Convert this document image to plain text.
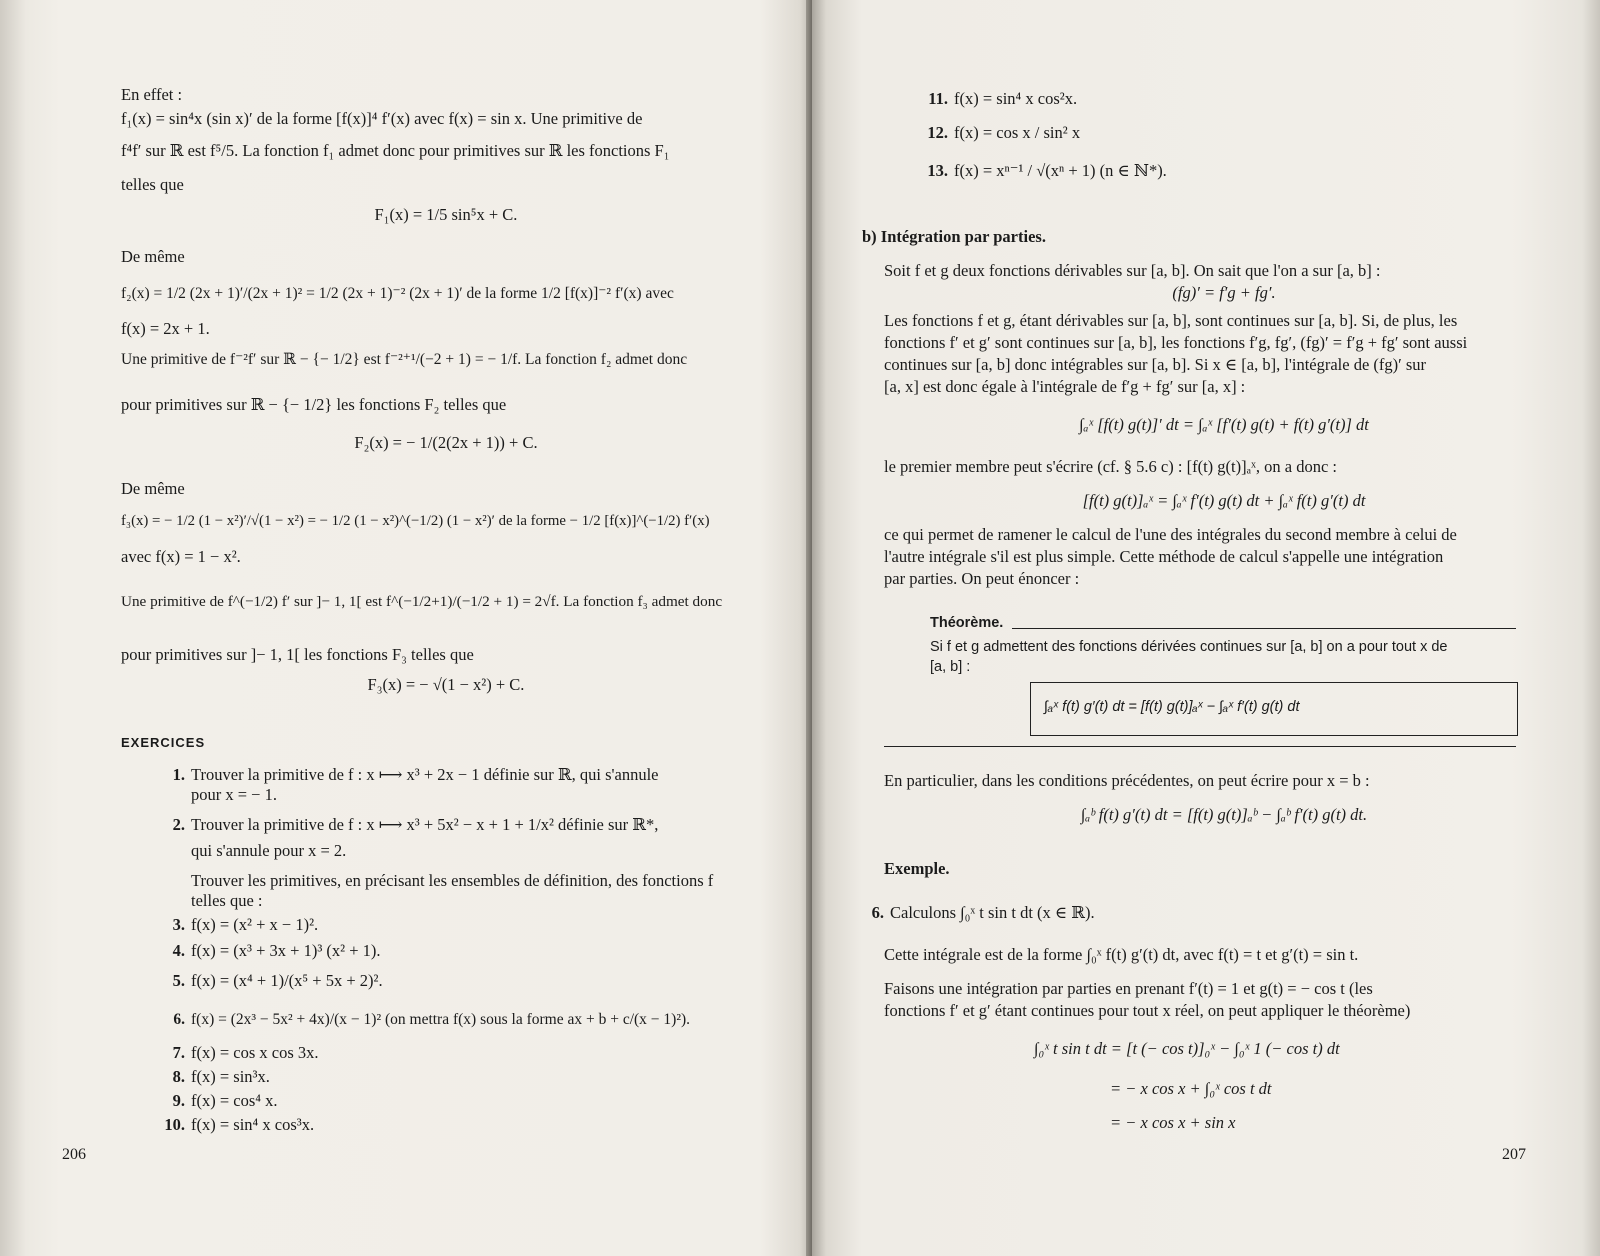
En effet :
f₁(x) = sin⁴x (sin x)′ de la forme [f(x)]⁴ f′(x) avec f(x) = sin x. Une primitive de
f⁴f′ sur ℝ est f⁵/5. La fonction f₁ admet donc pour primitives sur ℝ les fonctions F₁
telles que
F₁(x) = 1/5 sin⁵x + C.
De même
f₂(x) = 1/2 (2x + 1)′/(2x + 1)² = 1/2 (2x + 1)⁻² (2x + 1)′ de la forme 1/2 [f(x)]⁻² f′(x) avec
f(x) = 2x + 1.
Une primitive de f⁻²f′ sur ℝ − {− 1/2} est f⁻²⁺¹/(−2 + 1) = − 1/f. La fonction f₂ admet donc
pour primitives sur ℝ − {− 1/2} les fonctions F₂ telles que
F₂(x) = − 1/(2(2x + 1)) + C.
De même
f₃(x) = − 1/2 (1 − x²)′/√(1 − x²) = − 1/2 (1 − x²)^(−1/2) (1 − x²)′ de la forme − 1/2 [f(x)]^(−1/2) f′(x)
avec f(x) = 1 − x².
Une primitive de f^(−1/2) f′ sur ]− 1, 1[ est f^(−1/2+1)/(−1/2 + 1) = 2√f. La fonction f₃ admet donc
pour primitives sur ]− 1, 1[ les fonctions F₃ telles que
F₃(x) = − √(1 − x²) + C.
EXERCICES
1. Trouver la primitive de f : x ⟼ x³ + 2x − 1 définie sur ℝ, qui s'annule
pour x = − 1.
2. Trouver la primitive de f : x ⟼ x³ + 5x² − x + 1 + 1/x² définie sur ℝ*,
qui s'annule pour x = 2.
Trouver les primitives, en précisant les ensembles de définition, des fonctions f
telles que :
3. f(x) = (x² + x − 1)².
4. f(x) = (x³ + 3x + 1)³ (x² + 1).
5. f(x) = (x⁴ + 1)/(x⁵ + 5x + 2)².
6. f(x) = (2x³ − 5x² + 4x)/(x − 1)² (on mettra f(x) sous la forme ax + b + c/(x − 1)²).
7. f(x) = cos x cos 3x.
8. f(x) = sin³x.
9. f(x) = cos⁴ x.
10. f(x) = sin⁴ x cos³x.
206
11. f(x) = sin⁴ x cos²x.
12. f(x) = cos x / sin² x
13. f(x) = xⁿ⁻¹ / √(xⁿ + 1) (n ∈ ℕ*).
b) Intégration par parties.
Soit f et g deux fonctions dérivables sur [a, b]. On sait que l'on a sur [a, b] :
(fg)′ = f′g + fg′.
Les fonctions f et g, étant dérivables sur [a, b], sont continues sur [a, b]. Si, de plus, les
fonctions f′ et g′ sont continues sur [a, b], les fonctions f′g, fg′, (fg)′ = f′g + fg′ sont aussi
continues sur [a, b] donc intégrables sur [a, b]. Si x ∈ [a, b], l'intégrale de (fg)′ sur
[a, x] est donc égale à l'intégrale de f′g + fg′ sur [a, x] :
∫ₐˣ [f(t) g(t)]′ dt = ∫ₐˣ [f′(t) g(t) + f(t) g′(t)] dt
le premier membre peut s'écrire (cf. § 5.6 c) : [f(t) g(t)]ₐˣ, on a donc :
[f(t) g(t)]ₐˣ = ∫ₐˣ f′(t) g(t) dt + ∫ₐˣ f(t) g′(t) dt
ce qui permet de ramener le calcul de l'une des intégrales du second membre à celui de
l'autre intégrale s'il est plus simple. Cette méthode de calcul s'appelle une intégration
par parties. On peut énoncer :
Théorème.
Si f et g admettent des fonctions dérivées continues sur [a, b] on a pour tout x de
[a, b] :
∫ₐˣ f(t) g′(t) dt = [f(t) g(t)]ₐˣ − ∫ₐˣ f′(t) g(t) dt
En particulier, dans les conditions précédentes, on peut écrire pour x = b :
∫ₐᵇ f(t) g′(t) dt = [f(t) g(t)]ₐᵇ − ∫ₐᵇ f′(t) g(t) dt.
Exemple.
6. Calculons ∫₀ˣ t sin t dt (x ∈ ℝ).
Cette intégrale est de la forme ∫₀ˣ f(t) g′(t) dt, avec f(t) = t et g′(t) = sin t.
Faisons une intégration par parties en prenant f′(t) = 1 et g(t) = − cos t (les
fonctions f′ et g′ étant continues pour tout x réel, on peut appliquer le théorème)
∫₀ˣ t sin t dt = [t (− cos t)]₀ˣ − ∫₀ˣ 1 (− cos t) dt
= − x cos x + ∫₀ˣ cos t dt
= − x cos x + sin x
207
